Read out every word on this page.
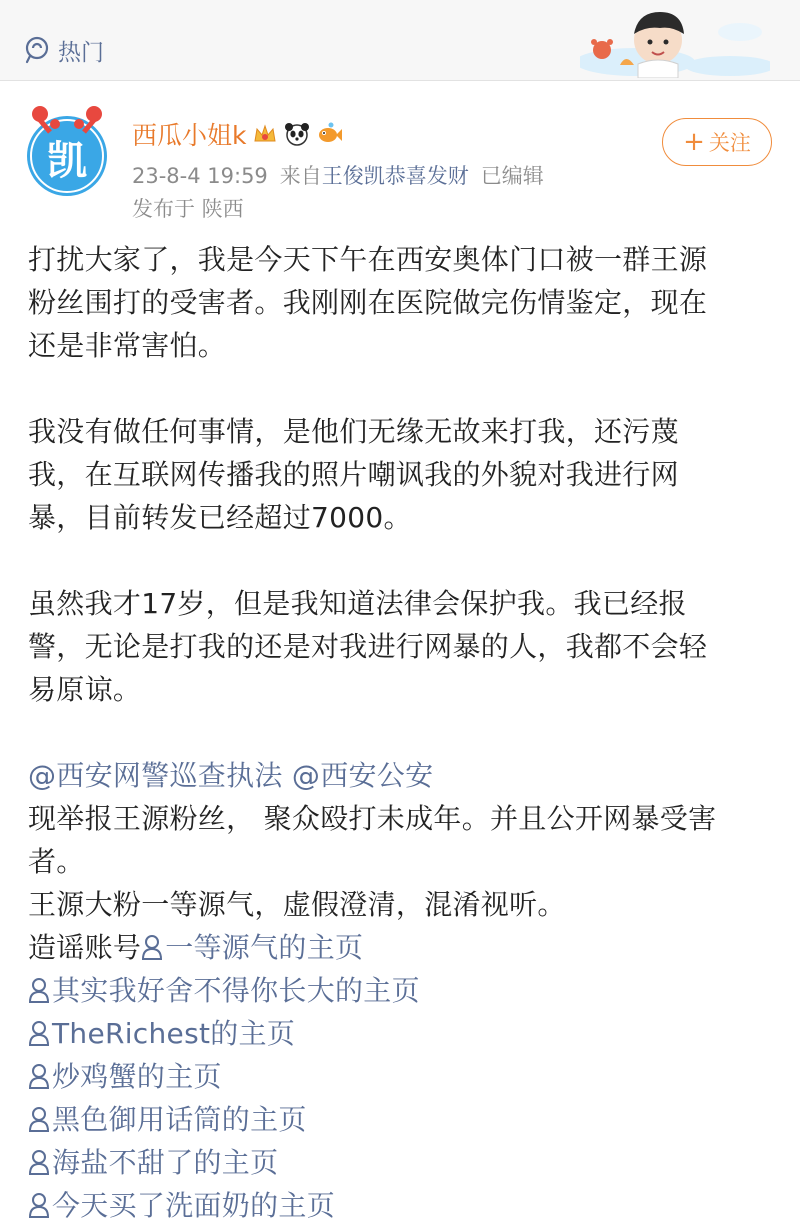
热门
凯
西瓜小姐k
23-8-4 19:59 来自王俊凯恭喜发财 已编辑
发布于 陕西
+ 关注
打扰大家了，我是今天下午在西安奥体门口被一群王源
粉丝围打的受害者。我刚刚在医院做完伤情鉴定，现在
还是非常害怕。
我没有做任何事情，是他们无缘无故来打我，还污蔑
我，在互联网传播我的照片嘲讽我的外貌对我进行网
暴，目前转发已经超过7000。
虽然我才17岁，但是我知道法律会保护我。我已经报
警，无论是打我的还是对我进行网暴的人，我都不会轻
易原谅。
@西安网警巡查执法 @西安公安
现举报王源粉丝， 聚众殴打未成年。并且公开网暴受害
者。
王源大粉一等源气，虚假澄清，混淆视听。
造谣账号 一等源气的主页
其实我好舍不得你长大的主页
TheRichest的主页
炒鸡蟹的主页
黑色御用话筒的主页
海盐不甜了的主页
今天买了洗面奶的主页
